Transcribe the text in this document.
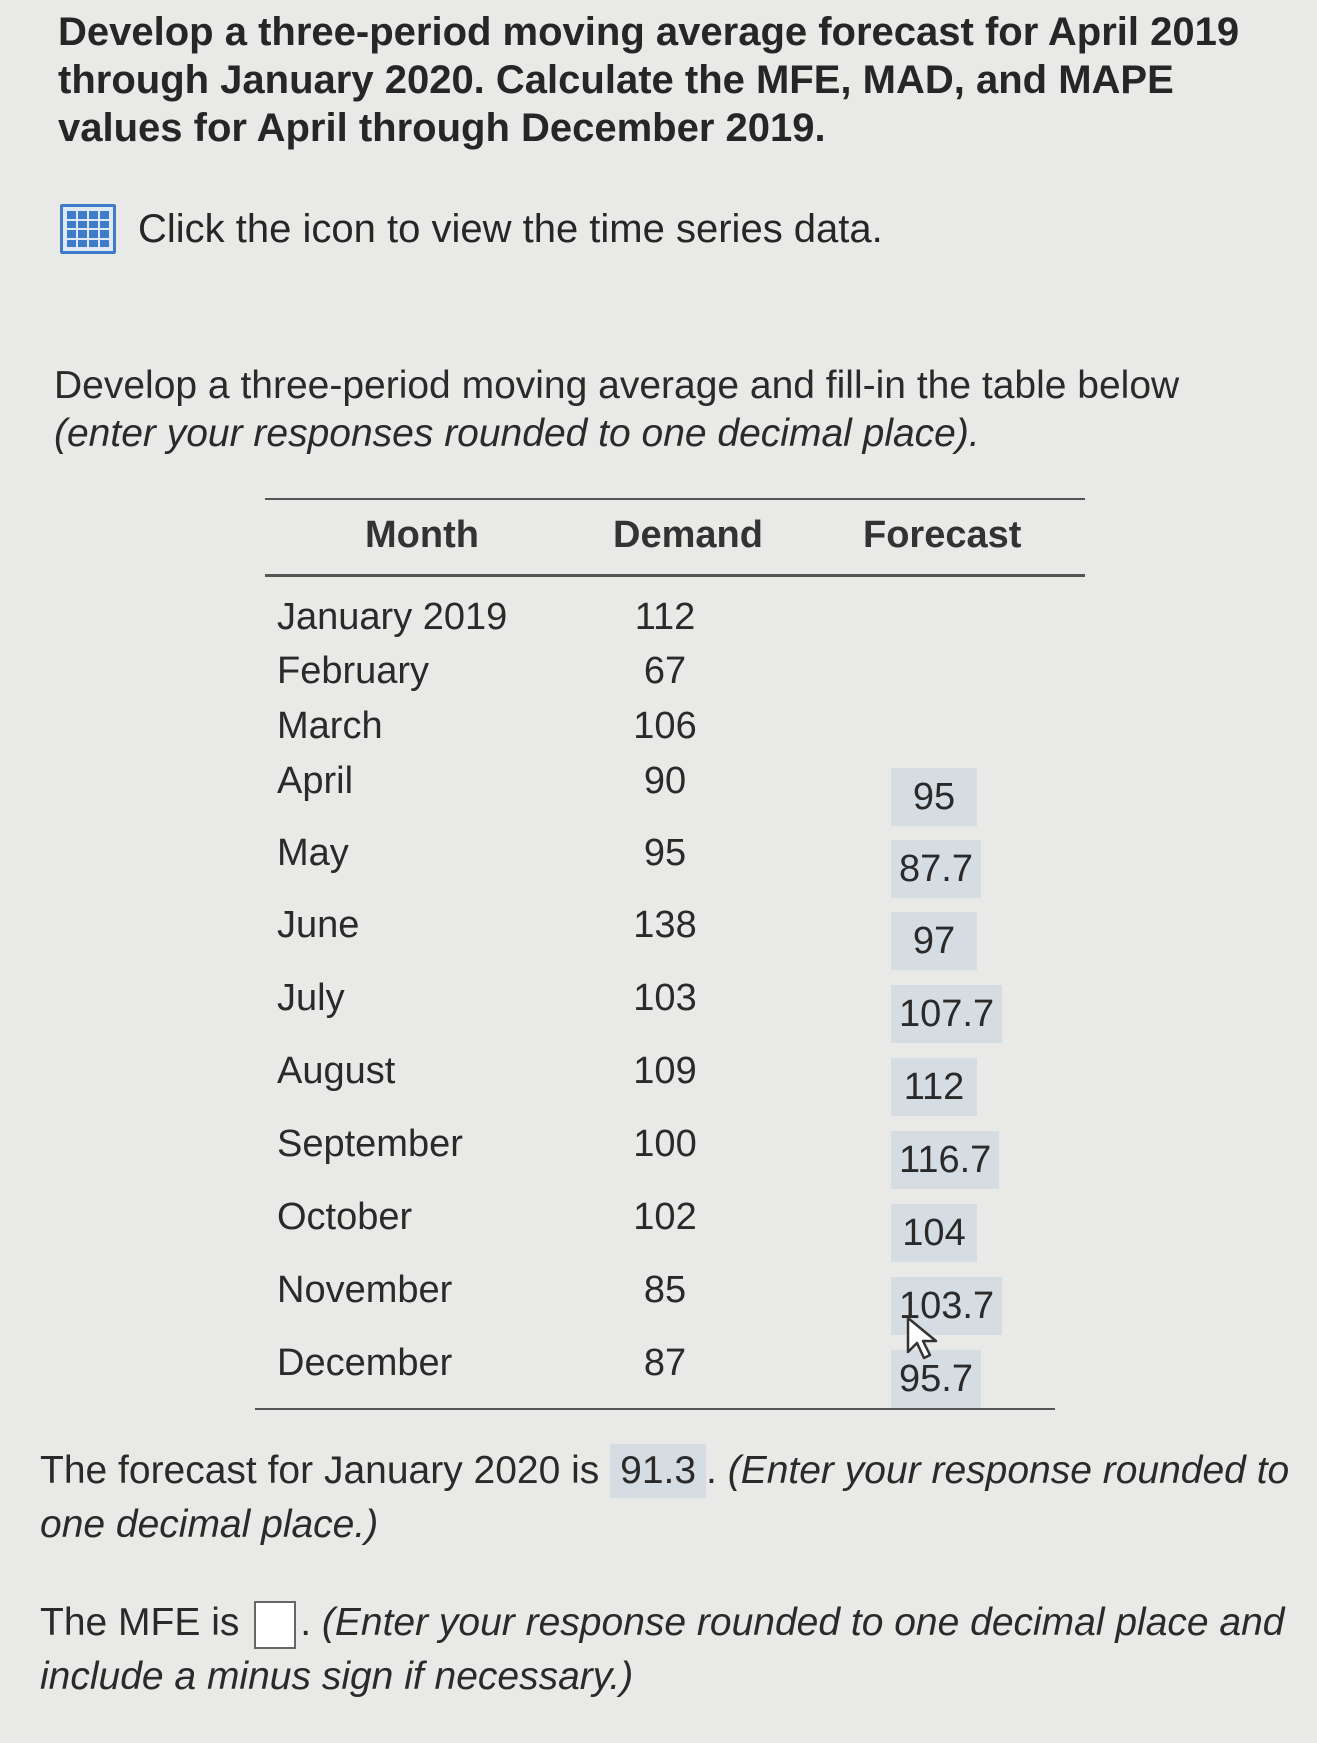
Develop a three-period moving average forecast for April 2019 through January 2020. Calculate the MFE, MAD, and MAPE values for April through December 2019.

Click the icon to view the time series data.

Develop a three-period moving average and fill-in the table below
(enter your responses rounded to one decimal place).

Month	Demand	Forecast
January 2019	112
February	67
March	106
April	90	95
May	95	87.7
June	138	97
July	103	107.7
August	109	112
September	100	116.7
October	102	104
November	85	103.7
December	87	95.7

The forecast for January 2020 is 91.3 . (Enter your response rounded to one decimal place.)

The MFE is . (Enter your response rounded to one decimal place and include a minus sign if necessary.)
